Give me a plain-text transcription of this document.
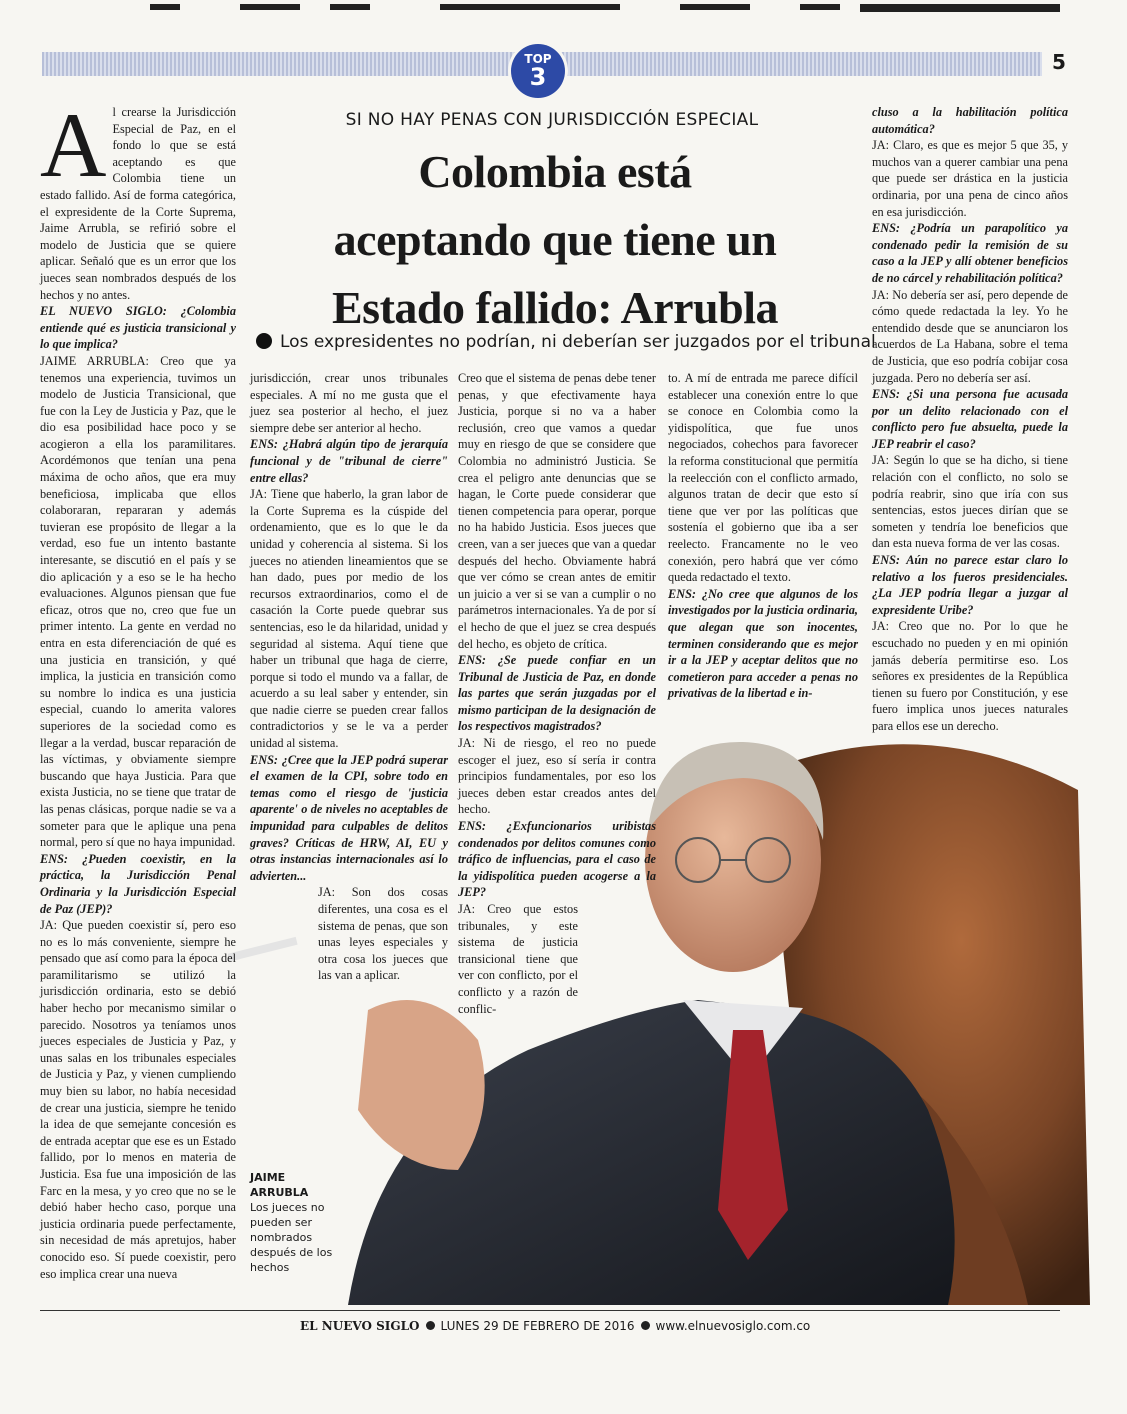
TOP
3
5
SI NO HAY PENAS CON JURISDICCIÓN ESPECIAL
Colombia está
aceptando que tiene un
Estado fallido: Arrubla
Los expresidentes no podrían, ni deberían ser juzgados por el tribunal

Al crearse la Jurisdicción Especial de Paz, en el fondo lo que se está aceptando es que Colombia tiene un estado fallido. Así de forma categórica, el expresidente de la Corte Suprema, Jaime Arrubla, se refirió sobre el modelo de Justicia que se quiere aplicar. Señaló que es un error que los jueces sean nombrados después de los hechos y no antes.

EL NUEVO SIGLO: ¿Colombia entiende qué es justicia transicional y lo que implica?

JAIME ARRUBLA: Creo que ya tenemos una experiencia, tuvimos un modelo de Justicia Transicional, que fue con la Ley de Justicia y Paz, que le dio esa posibilidad hace poco y se acogieron a ella los paramilitares. Acordémonos que tenían una pena máxima de ocho años, que era muy beneficiosa, implicaba que ellos colaboraran, repararan y además tuvieran ese propósito de llegar a la verdad, eso fue un intento bastante interesante, se discutió en el país y se dio aplicación y a eso se le ha hecho evaluaciones. Algunos piensan que fue eficaz, otros que no, creo que fue un primer intento. La gente en verdad no entra en esta diferenciación de qué es una justicia en transición, y qué implica, la justicia en transición como su nombre lo indica es una justicia especial, cuando lo amerita valores superiores de la sociedad como es llegar a la verdad, buscar reparación de las víctimas, y obviamente siempre buscando que haya Justicia. Para que exista Justicia, no se tiene que tratar de las penas clásicas, porque nadie se va a someter para que le aplique una pena normal, pero sí que no haya impunidad.

ENS: ¿Pueden coexistir, en la práctica, la Jurisdicción Penal Ordinaria y la Jurisdicción Especial de Paz (JEP)?

JA: Que pueden coexistir sí, pero eso no es lo más conveniente, siempre he pensado que así como para la época del paramilitarismo se utilizó la jurisdicción ordinaria, esto se debió haber hecho por mecanismo similar o parecido. Nosotros ya teníamos unos jueces especiales de Justicia y Paz, y unas salas en los tribunales especiales de Justicia y Paz, y vienen cumpliendo muy bien su labor, no había necesidad de crear una justicia, siempre he tenido la idea de que semejante concesión es de entrada aceptar que ese es un Estado fallido, por lo menos en materia de Justicia. Esa fue una imposición de las Farc en la mesa, y yo creo que no se le debió haber hecho caso, porque una justicia ordinaria puede perfectamente, sin necesidad de más apretujos, haber conocido eso. Sí puede coexistir, pero eso implica crear una nueva

jurisdicción, crear unos tribunales especiales. A mí no me gusta que el juez sea posterior al hecho, el juez siempre debe ser anterior al hecho.

ENS: ¿Habrá algún tipo de jerarquía funcional y de "tribunal de cierre" entre ellas?

JA: Tiene que haberlo, la gran labor de la Corte Suprema es la cúspide del ordenamiento, que es lo que le da unidad y coherencia al sistema. Si los jueces no atienden lineamientos que se han dado, pues por medio de los recursos extraordinarios, como el de casación la Corte puede quebrar sus sentencias, eso le da hilaridad, unidad y seguridad al sistema. Aquí tiene que haber un tribunal que haga de cierre, porque si todo el mundo va a fallar, de acuerdo a su leal saber y entender, sin que nadie cierre se pueden crear fallos contradictorios y se le va a perder unidad al sistema.

ENS: ¿Cree que la JEP podrá superar el examen de la CPI, sobre todo en temas como el riesgo de 'justicia aparente' o de niveles no aceptables de impunidad para culpables de delitos graves? Críticas de HRW, AI, EU y otras instancias internacionales así lo advierten...

JA: Son dos cosas diferentes, una cosa es el sistema de penas, que son unas leyes especiales y otra cosa los jueces que las van a aplicar.

Creo que el sistema de penas debe tener penas, y que efectivamente haya Justicia, porque si no va a haber reclusión, creo que vamos a quedar muy en riesgo de que se considere que Colombia no administró Justicia. Se crea el peligro ante denuncias que se hagan, le Corte puede considerar que tienen competencia para operar, porque no ha habido Justicia. Esos jueces que creen, van a ser jueces que van a quedar después del hecho. Obviamente habrá que ver cómo se crean antes de emitir un juicio a ver si se van a cumplir o no parámetros internacionales. Ya de por sí el hecho de que el juez se crea después del hecho, es objeto de crítica.

ENS: ¿Se puede confiar en un Tribunal de Justicia de Paz, en donde las partes que serán juzgadas por el mismo participan de la designación de los respectivos magistrados?

JA: Ni de riesgo, el reo no puede escoger el juez, eso sí sería ir contra principios fundamentales, por eso los jueces deben estar creados antes del hecho.

ENS: ¿Exfuncionarios uribistas condenados por delitos comunes como tráfico de influencias, para el caso de la yidispolítica pueden acogerse a la JEP?

JA: Creo que estos tribunales, y este sistema de justicia transicional tiene que ver con conflicto, por el conflicto y a razón de conflic-

to. A mí de entrada me parece difícil establecer una conexión entre lo que se conoce en Colombia como la yidispolítica, que fue unos negociados, cohechos para favorecer la reforma constitucional que permitía la reelección con el conflicto armado, algunos tratan de decir que esto sí tiene que ver por las políticas que sostenía el gobierno que iba a ser reelecto. Francamente no le veo conexión, pero habrá que ver cómo queda redactado el texto.

ENS: ¿No cree que algunos de los investigados por la justicia ordinaria, que alegan que son inocentes, terminen considerando que es mejor ir a la JEP y aceptar delitos que no cometieron para acceder a penas no privativas de la libertad e in-

cluso a la habilitación política automática?

JA: Claro, es que es mejor 5 que 35, y muchos van a querer cambiar una pena que puede ser drástica en la justicia ordinaria, por una pena de cinco años en esa jurisdicción.

ENS: ¿Podría un parapolítico ya condenado pedir la remisión de su caso a la JEP y allí obtener beneficios de no cárcel y rehabilitación política?

JA: No debería ser así, pero depende de cómo quede redactada la ley. Yo he entendido desde que se anunciaron los acuerdos de La Habana, sobre el tema de Justicia, que eso podría cobijar cosa juzgada. Pero no debería ser así.

ENS: ¿Si una persona fue acusada por un delito relacionado con el conflicto pero fue absuelta, puede la JEP reabrir el caso?

JA: Según lo que se ha dicho, si tiene relación con el conflicto, no solo se podría reabrir, sino que iría con sus sentencias, estos jueces dirían que se someten y tendría loe beneficios que dan esta nueva forma de ver las cosas.

ENS: Aún no parece estar claro lo relativo a los fueros presidenciales. ¿La JEP podría llegar a juzgar al expresidente Uribe?

JA: Creo que no. Por lo que he escuchado no pueden y en mi opinión jamás debería permitirse eso. Los señores ex presidentes de la República tienen su fuero por Constitución, y ese fuero implica unos jueces naturales para ellos ese un derecho.

JAIME ARRUBLA
Los jueces no pueden ser nombrados después de los hechos
EL NUEVO SIGLO LUNES 29 DE FEBRERO DE 2016 www.elnuevosiglo.com.co
